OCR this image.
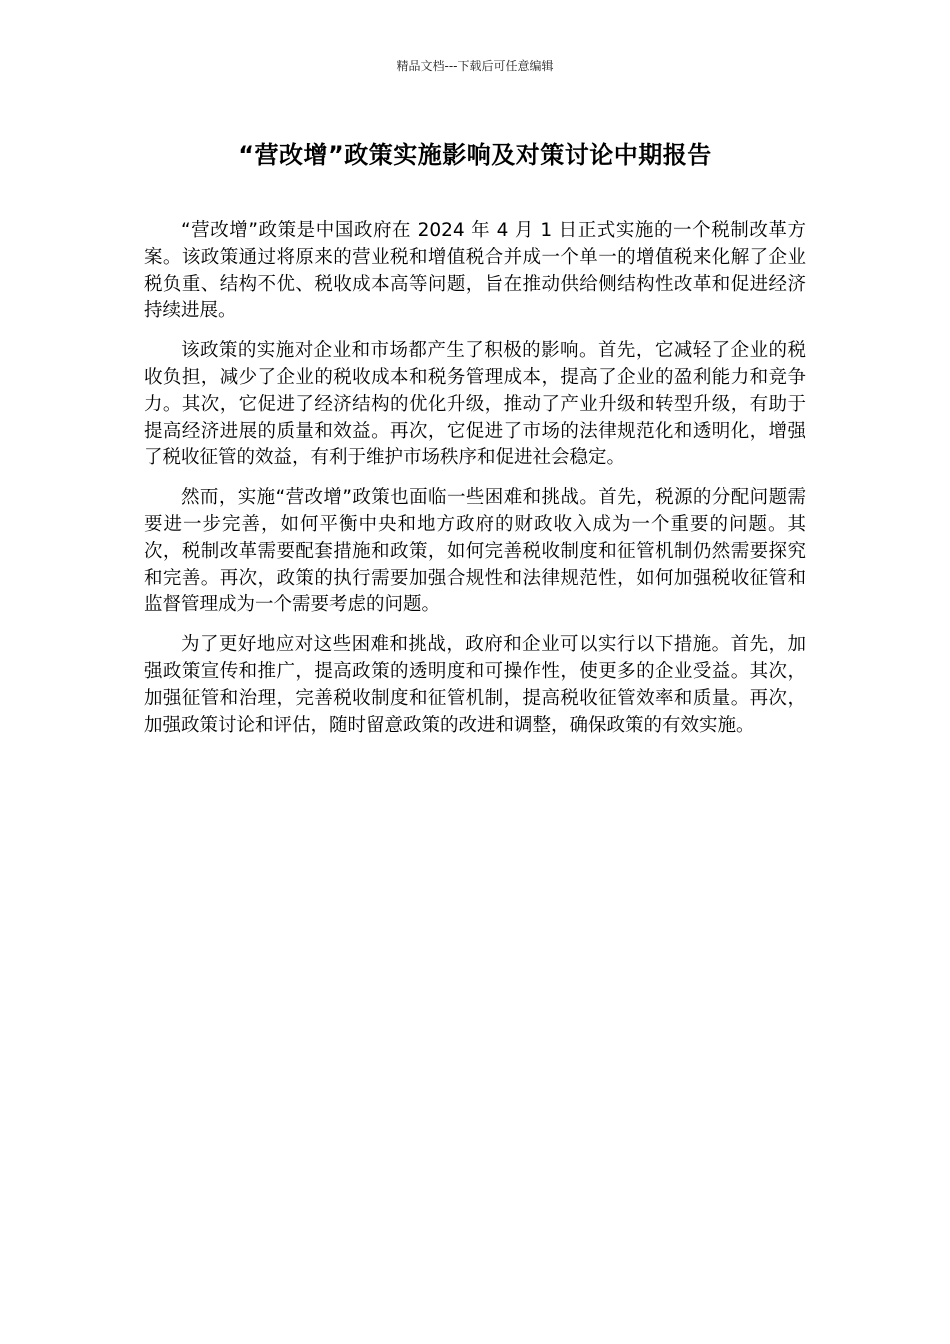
精品文档---下载后可任意编辑
“营改增”政策实施影响及对策讨论中期报告

“营改增”政策是中国政府在 2024 年 4 月 1 日正式实施的一个税制改革方案。该政策通过将原来的营业税和增值税合并成一个单一的增值税来化解了企业税负重、结构不优、税收成本高等问题，旨在推动供给侧结构性改革和促进经济持续进展。

该政策的实施对企业和市场都产生了积极的影响。首先，它减轻了企业的税收负担，减少了企业的税收成本和税务管理成本，提高了企业的盈利能力和竞争力。其次，它促进了经济结构的优化升级，推动了产业升级和转型升级，有助于提高经济进展的质量和效益。再次，它促进了市场的法律规范化和透明化，增强了税收征管的效益，有利于维护市场秩序和促进社会稳定。

然而，实施“营改增”政策也面临一些困难和挑战。首先，税源的分配问题需要进一步完善，如何平衡中央和地方政府的财政收入成为一个重要的问题。其次，税制改革需要配套措施和政策，如何完善税收制度和征管机制仍然需要探究和完善。再次，政策的执行需要加强合规性和法律规范性，如何加强税收征管和监督管理成为一个需要考虑的问题。

为了更好地应对这些困难和挑战，政府和企业可以实行以下措施。首先，加强政策宣传和推广，提高政策的透明度和可操作性，使更多的企业受益。其次，加强征管和治理，完善税收制度和征管机制，提高税收征管效率和质量。再次，加强政策讨论和评估，随时留意政策的改进和调整，确保政策的有效实施。
